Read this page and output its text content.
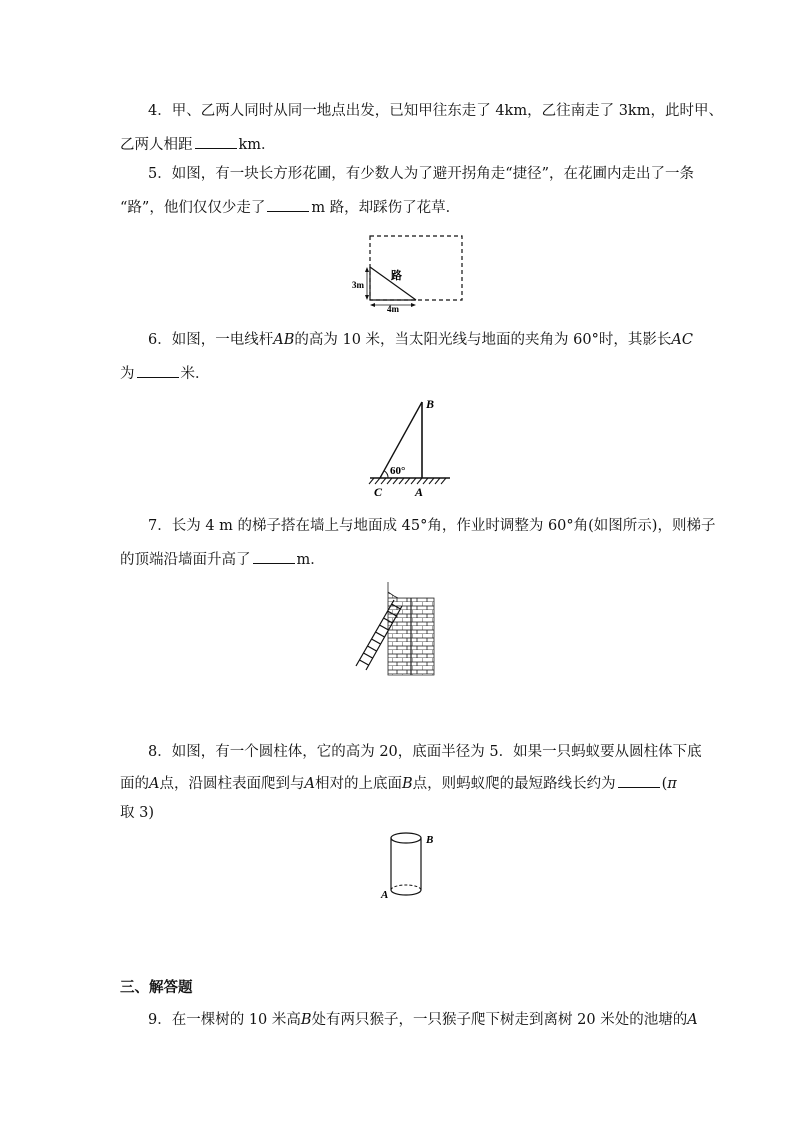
4．甲、乙两人同时从同一地点出发，已知甲往东走了 4km，乙往南走了 3km，此时甲、
乙两人相距	km．
5．如图，有一块长方形花圃，有少数人为了避开拐角走“捷径”，在花圃内走出了一条
“路”，他们仅仅少走了	m 路，却踩伤了花草．
路
3m
4m
6．如图，一电线杆AB的高为 10 米，当太阳光线与地面的夹角为 60°时，其影长AC
为	米．
B
C	A
60°
7．长为 4 m 的梯子搭在墙上与地面成 45°角，作业时调整为 60°角(如图所示)，则梯子
的顶端沿墙面升高了	m．
8．如图，有一个圆柱体，它的高为 20，底面半径为 5．如果一只蚂蚁要从圆柱体下底
面的A点，沿圆柱表面爬到与A相对的上底面B点，则蚂蚁爬的最短路线长约为	(π
取 3)
B
A
三、解答题
9．在一棵树的 10 米高B处有两只猴子，一只猴子爬下树走到离树 20 米处的池塘的A
